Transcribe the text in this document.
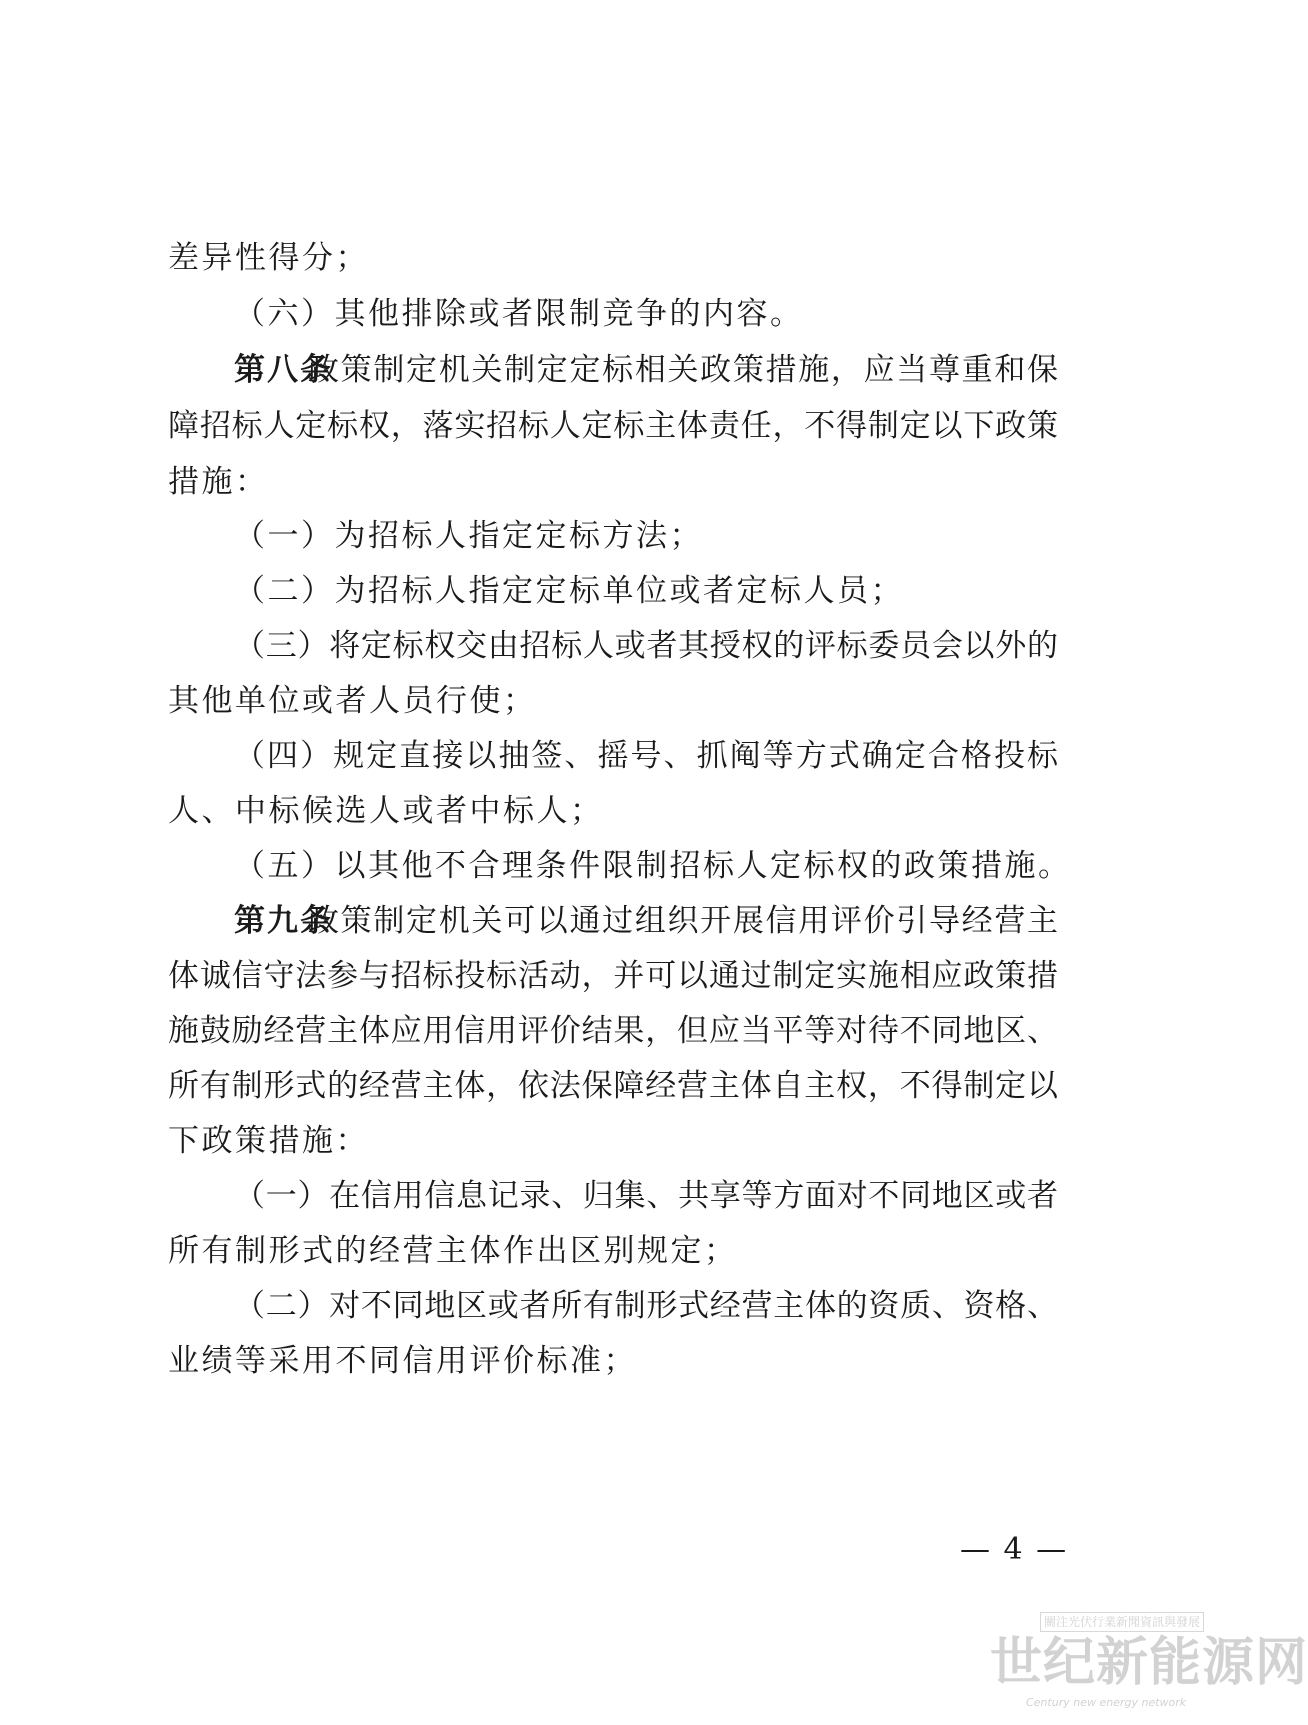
差异性得分；
（六）其他排除或者限制竞争的内容。
第八条
政策制定机关制定定标相关政策措施，应当尊重和保
障招标人定标权，落实招标人定标主体责任，不得制定以下政策
措施：
（一）为招标人指定定标方法；
（二）为招标人指定定标单位或者定标人员；
（三）将定标权交由招标人或者其授权的评标委员会以外的
其他单位或者人员行使；
（四）规定直接以抽签、摇号、抓阄等方式确定合格投标
人、中标候选人或者中标人；
（五）以其他不合理条件限制招标人定标权的政策措施。
第九条
政策制定机关可以通过组织开展信用评价引导经营主
体诚信守法参与招标投标活动，并可以通过制定实施相应政策措
施鼓励经营主体应用信用评价结果，但应当平等对待不同地区、
所有制形式的经营主体，依法保障经营主体自主权，不得制定以
下政策措施：
（一）在信用信息记录、归集、共享等方面对不同地区或者
所有制形式的经营主体作出区别规定；
（二）对不同地区或者所有制形式经营主体的资质、资格、
业绩等采用不同信用评价标准；
— 4 —
關注光伏行業新聞資訊與發展
世纪新能源网
Century new energy network
